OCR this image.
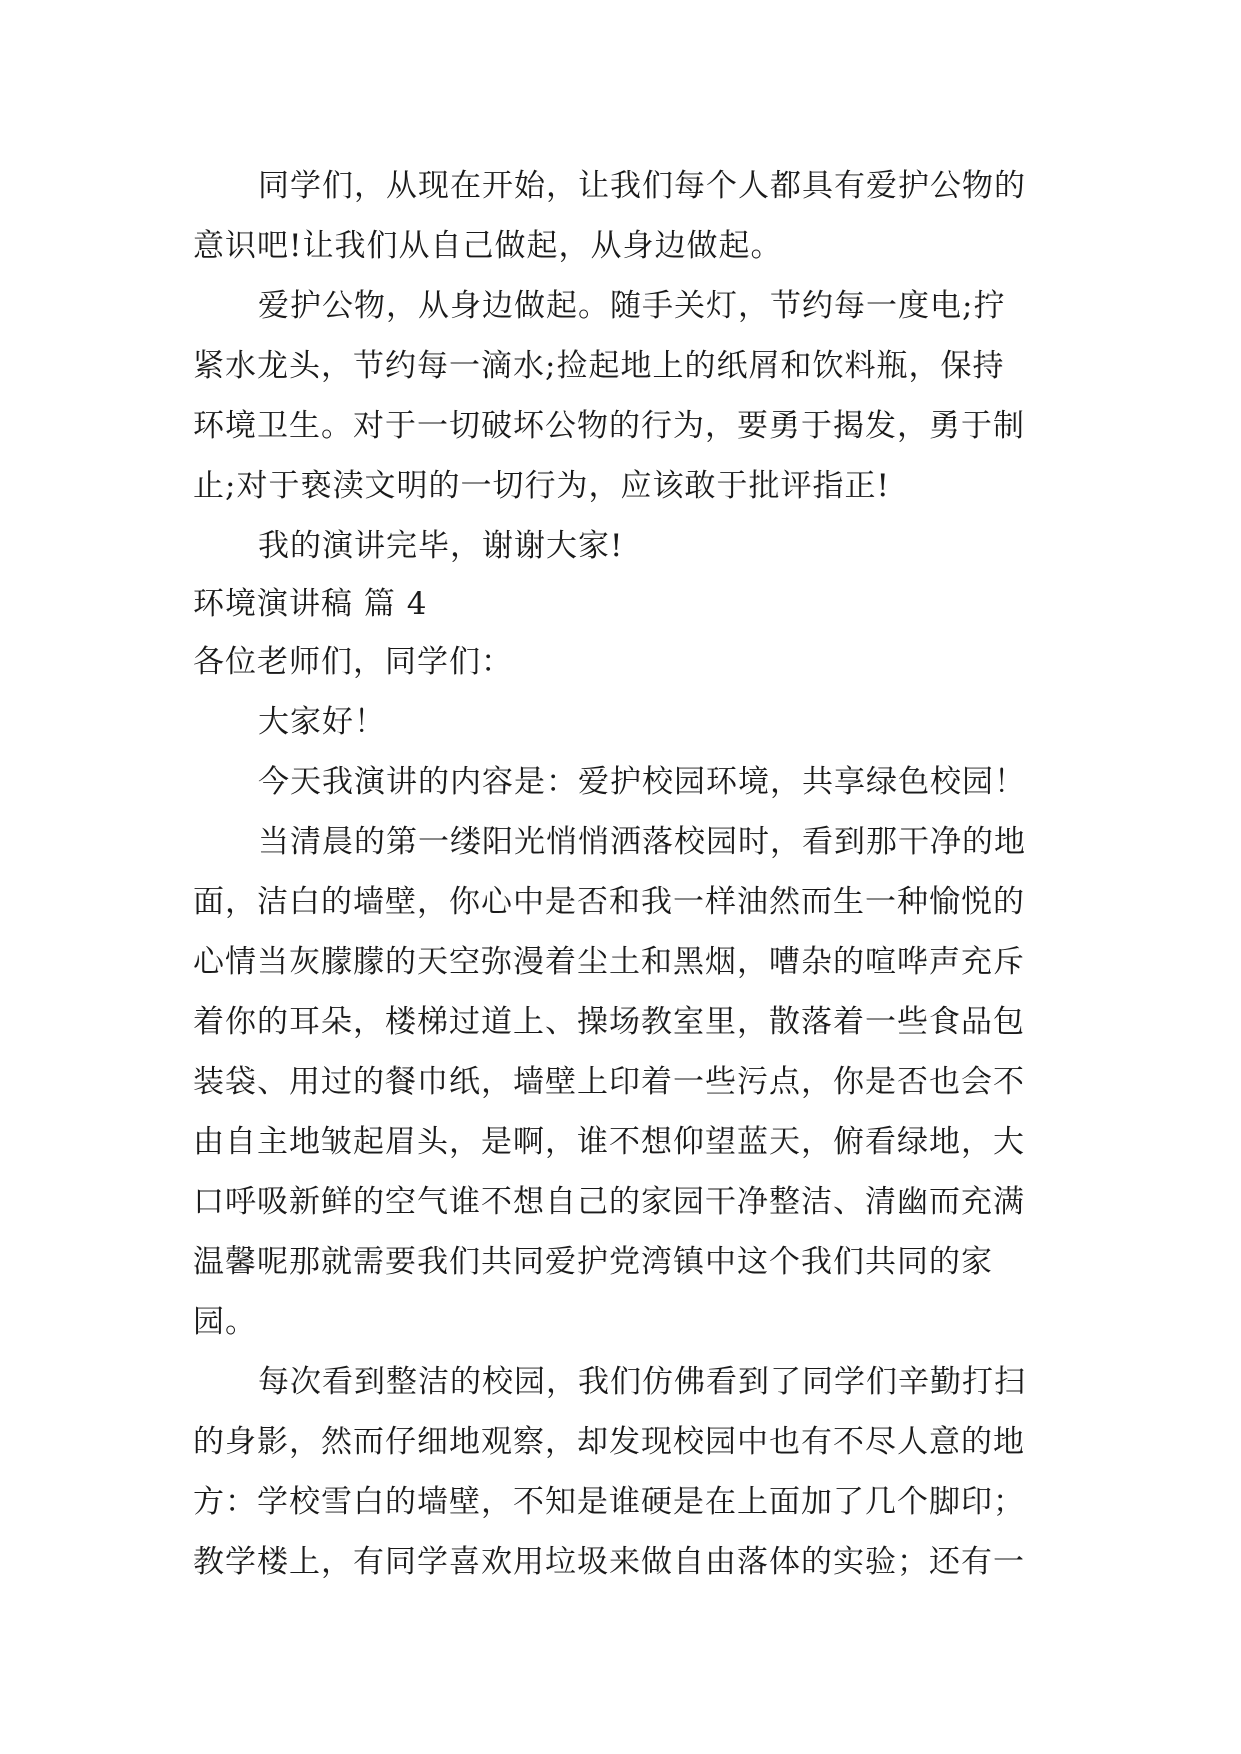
同学们，从现在开始，让我们每个人都具有爱护公物的
意识吧!让我们从自己做起，从身边做起。
爱护公物，从身边做起。随手关灯，节约每一度电;拧
紧水龙头，节约每一滴水;捡起地上的纸屑和饮料瓶，保持
环境卫生。对于一切破坏公物的行为，要勇于揭发，勇于制
止;对于亵渎文明的一切行为，应该敢于批评指正!
我的演讲完毕，谢谢大家!
环境演讲稿 篇 4
各位老师们，同学们：
大家好！
今天我演讲的内容是：爱护校园环境，共享绿色校园！
当清晨的第一缕阳光悄悄洒落校园时，看到那干净的地
面，洁白的墙壁，你心中是否和我一样油然而生一种愉悦的
心情当灰朦朦的天空弥漫着尘土和黑烟，嘈杂的喧哗声充斥
着你的耳朵，楼梯过道上、操场教室里，散落着一些食品包
装袋、用过的餐巾纸，墙壁上印着一些污点，你是否也会不
由自主地皱起眉头，是啊，谁不想仰望蓝天，俯看绿地，大
口呼吸新鲜的空气谁不想自己的家园干净整洁、清幽而充满
温馨呢那就需要我们共同爱护党湾镇中这个我们共同的家
园。
每次看到整洁的校园，我们仿佛看到了同学们辛勤打扫
的身影，然而仔细地观察，却发现校园中也有不尽人意的地
方：学校雪白的墙壁，不知是谁硬是在上面加了几个脚印；
教学楼上，有同学喜欢用垃圾来做自由落体的实验；还有一
